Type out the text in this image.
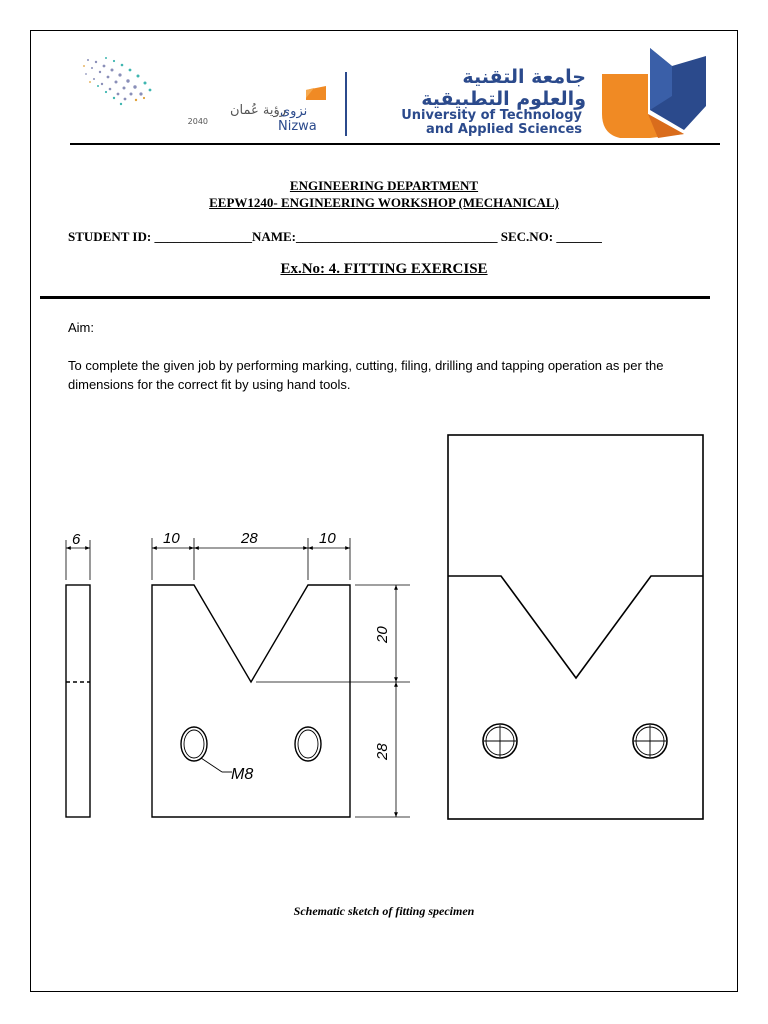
رؤية عُمان
2040
نزوى
Nizwa
جامعة التقنية
والعلوم التطبيقية
University of Technology
and Applied Sciences
ENGINEERING DEPARTMENT
EEPW1240- ENGINEERING WORKSHOP (MECHANICAL)
STUDENT ID: _______________NAME:_______________________________ SEC.NO: _______
Ex.No: 4. FITTING EXERCISE
Aim:
To complete the given job by performing marking, cutting, filing, drilling and tapping operation as per the dimensions for the correct fit by using hand tools.
6	10	28	10
20
28
M8
Schematic sketch of fitting specimen
